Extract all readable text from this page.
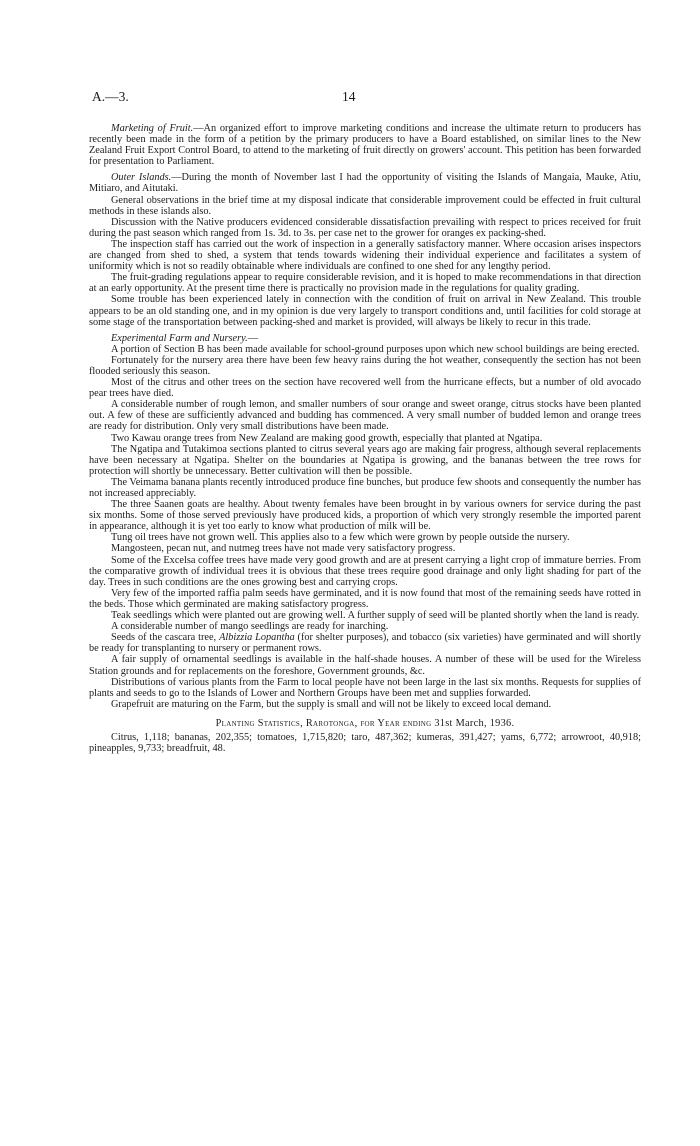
A.—3.	14

Marketing of Fruit.—An organized effort to improve marketing conditions and increase the ultimate return to producers has recently been made in the form of a petition by the primary producers to have a Board established, on similar lines to the New Zealand Fruit Export Control Board, to attend to the marketing of fruit directly on growers' account. This petition has been forwarded for presentation to Parliament.

Outer Islands.—During the month of November last I had the opportunity of visiting the Islands of Mangaia, Mauke, Atiu, Mitiaro, and Aitutaki.

General observations in the brief time at my disposal indicate that considerable improvement could be effected in fruit cultural methods in these islands also.

Discussion with the Native producers evidenced considerable dissatisfaction prevailing with respect to prices received for fruit during the past season which ranged from 1s. 3d. to 3s. per case net to the grower for oranges ex packing-shed.

The inspection staff has carried out the work of inspection in a generally satisfactory manner. Where occasion arises inspectors are changed from shed to shed, a system that tends towards widening their individual experience and facilitates a system of uniformity which is not so readily obtainable where individuals are confined to one shed for any lengthy period.

The fruit-grading regulations appear to require considerable revision, and it is hoped to make recommendations in that direction at an early opportunity. At the present time there is practically no provision made in the regulations for quality grading.

Some trouble has been experienced lately in connection with the condition of fruit on arrival in New Zealand. This trouble appears to be an old standing one, and in my opinion is due very largely to transport conditions and, until facilities for cold storage at some stage of the transportation between packing-shed and market is provided, will always be likely to recur in this trade.

Experimental Farm and Nursery.—

A portion of Section B has been made available for school-ground purposes upon which new school buildings are being erected.

Fortunately for the nursery area there have been few heavy rains during the hot weather, consequently the section has not been flooded seriously this season.

Most of the citrus and other trees on the section have recovered well from the hurricane effects, but a number of old avocado pear trees have died.

A considerable number of rough lemon, and smaller numbers of sour orange and sweet orange, citrus stocks have been planted out. A few of these are sufficiently advanced and budding has commenced. A very small number of budded lemon and orange trees are ready for distribution. Only very small distributions have been made.

Two Kawau orange trees from New Zealand are making good growth, especially that planted at Ngatipa.

The Ngatipa and Tutakimoa sections planted to citrus several years ago are making fair progress, although several replacements have been necessary at Ngatipa. Shelter on the boundaries at Ngatipa is growing, and the bananas between the tree rows for protection will shortly be unnecessary. Better cultivation will then be possible.

The Veimama banana plants recently introduced produce fine bunches, but produce few shoots and consequently the number has not increased appreciably.

The three Saanen goats are healthy. About twenty females have been brought in by various owners for service during the past six months. Some of those served previously have produced kids, a proportion of which very strongly resemble the imported parent in appearance, although it is yet too early to know what production of milk will be.

Tung oil trees have not grown well. This applies also to a few which were grown by people outside the nursery.

Mangosteen, pecan nut, and nutmeg trees have not made very satisfactory progress.

Some of the Excelsa coffee trees have made very good growth and are at present carrying a light crop of immature berries. From the comparative growth of individual trees it is obvious that these trees require good drainage and only light shading for part of the day. Trees in such conditions are the ones growing best and carrying crops.

Very few of the imported raffia palm seeds have germinated, and it is now found that most of the remaining seeds have rotted in the beds. Those which germinated are making satisfactory progress.

Teak seedlings which were planted out are growing well. A further supply of seed will be planted shortly when the land is ready.

A considerable number of mango seedlings are ready for inarching.

Seeds of the cascara tree, Albizzia Lopantha (for shelter purposes), and tobacco (six varieties) have germinated and will shortly be ready for transplanting to nursery or permanent rows.

A fair supply of ornamental seedlings is available in the half-shade houses. A number of these will be used for the Wireless Station grounds and for replacements on the foreshore, Government grounds, &c.

Distributions of various plants from the Farm to local people have not been large in the last six months. Requests for supplies of plants and seeds to go to the Islands of Lower and Northern Groups have been met and supplies forwarded.

Grapefruit are maturing on the Farm, but the supply is small and will not be likely to exceed local demand.

Planting Statistics, Rarotonga, for Year ending 31st March, 1936.

Citrus, 1,118; bananas, 202,355; tomatoes, 1,715,820; taro, 487,362; kumeras, 391,427; yams, 6,772; arrowroot, 40,918; pineapples, 9,733; breadfruit, 48.
